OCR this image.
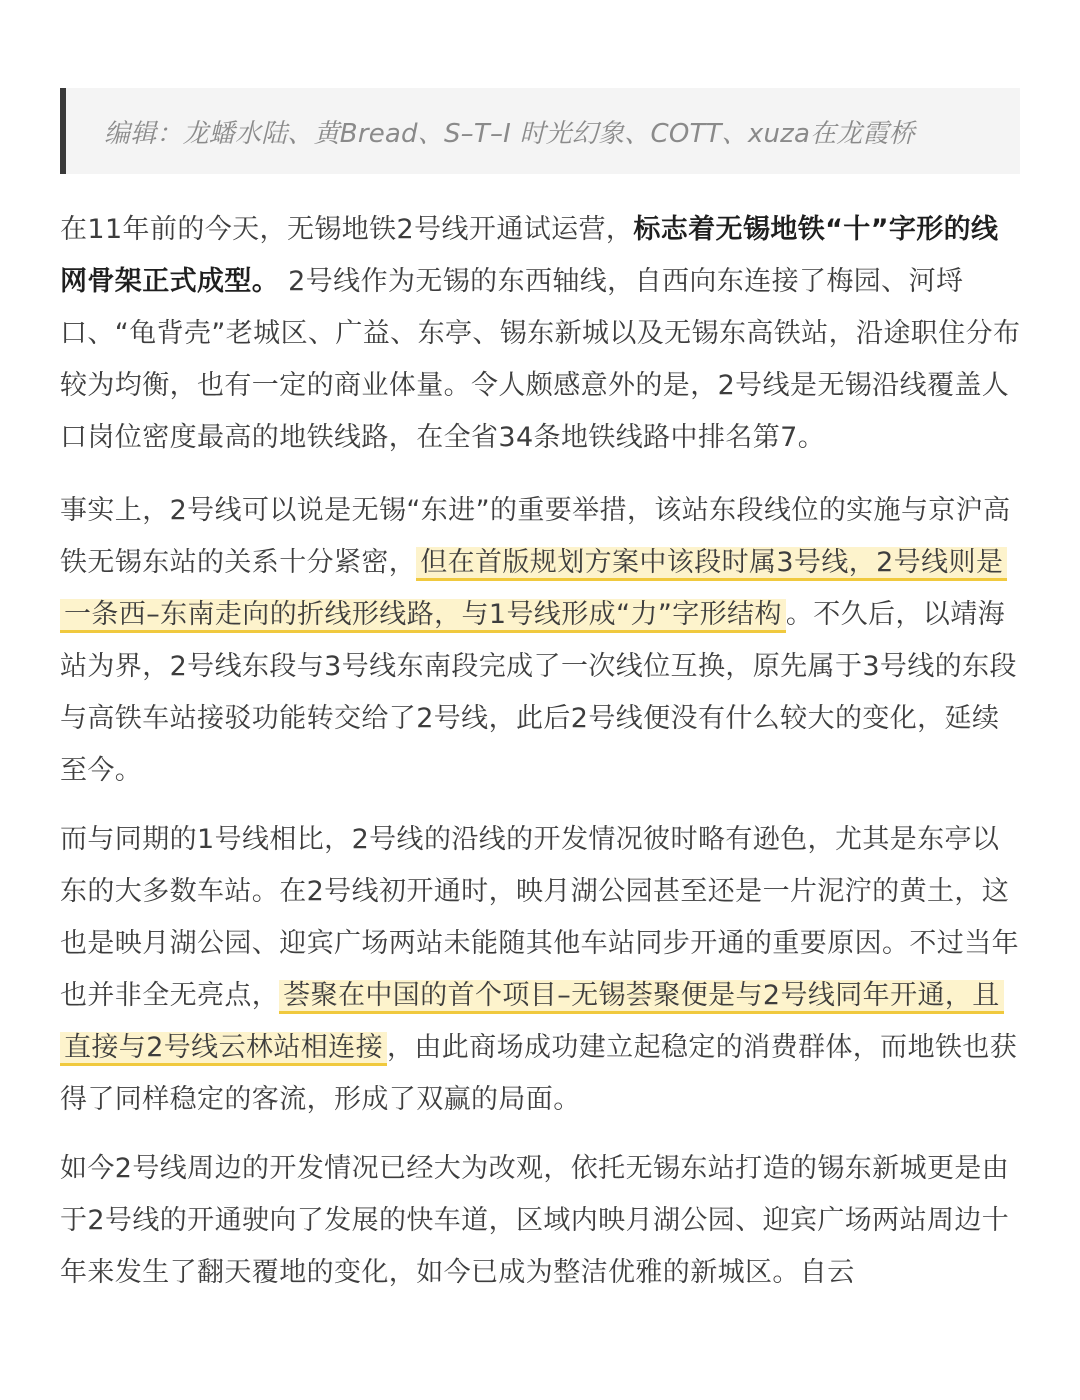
编辑：龙蟠水陆、黄Bread、S–T–I 时光幻象、COTT、xuza在龙霞桥

在11年前的今天，无锡地铁2号线开通试运营，标志着无锡地铁“十”字形的线网骨架正式成型。 2号线作为无锡的东西轴线，自西向东连接了梅园、河埒口、“龟背壳”老城区、广益、东亭、锡东新城以及无锡东高铁站，沿途职住分布较为均衡，也有一定的商业体量。令人颇感意外的是，2号线是无锡沿线覆盖人口岗位密度最高的地铁线路，在全省34条地铁线路中排名第7。

事实上，2号线可以说是无锡“东进”的重要举措，该站东段线位的实施与京沪高铁无锡东站的关系十分紧密， 但在首版规划方案中该段时属3号线，2号线则是一条西–东南走向的折线形线路，与1号线形成“力”字形结构 。不久后，以靖海站为界，2号线东段与3号线东南段完成了一次线位互换，原先属于3号线的东段与高铁车站接驳功能转交给了2号线，此后2号线便没有什么较大的变化，延续至今。

而与同期的1号线相比，2号线的沿线的开发情况彼时略有逊色，尤其是东亭以东的大多数车站。在2号线初开通时，映月湖公园甚至还是一片泥泞的黄土，这也是映月湖公园、迎宾广场两站未能随其他车站同步开通的重要原因。不过当年也并非全无亮点， 荟聚在中国的首个项目–无锡荟聚便是与2号线同年开通，且直接与2号线云林站相连接 ，由此商场成功建立起稳定的消费群体，而地铁也获得了同样稳定的客流，形成了双赢的局面。

如今2号线周边的开发情况已经大为改观，依托无锡东站打造的锡东新城更是由于2号线的开通驶向了发展的快车道，区域内映月湖公园、迎宾广场两站周边十年来发生了翻天覆地的变化，如今已成为整洁优雅的新城区。自云
